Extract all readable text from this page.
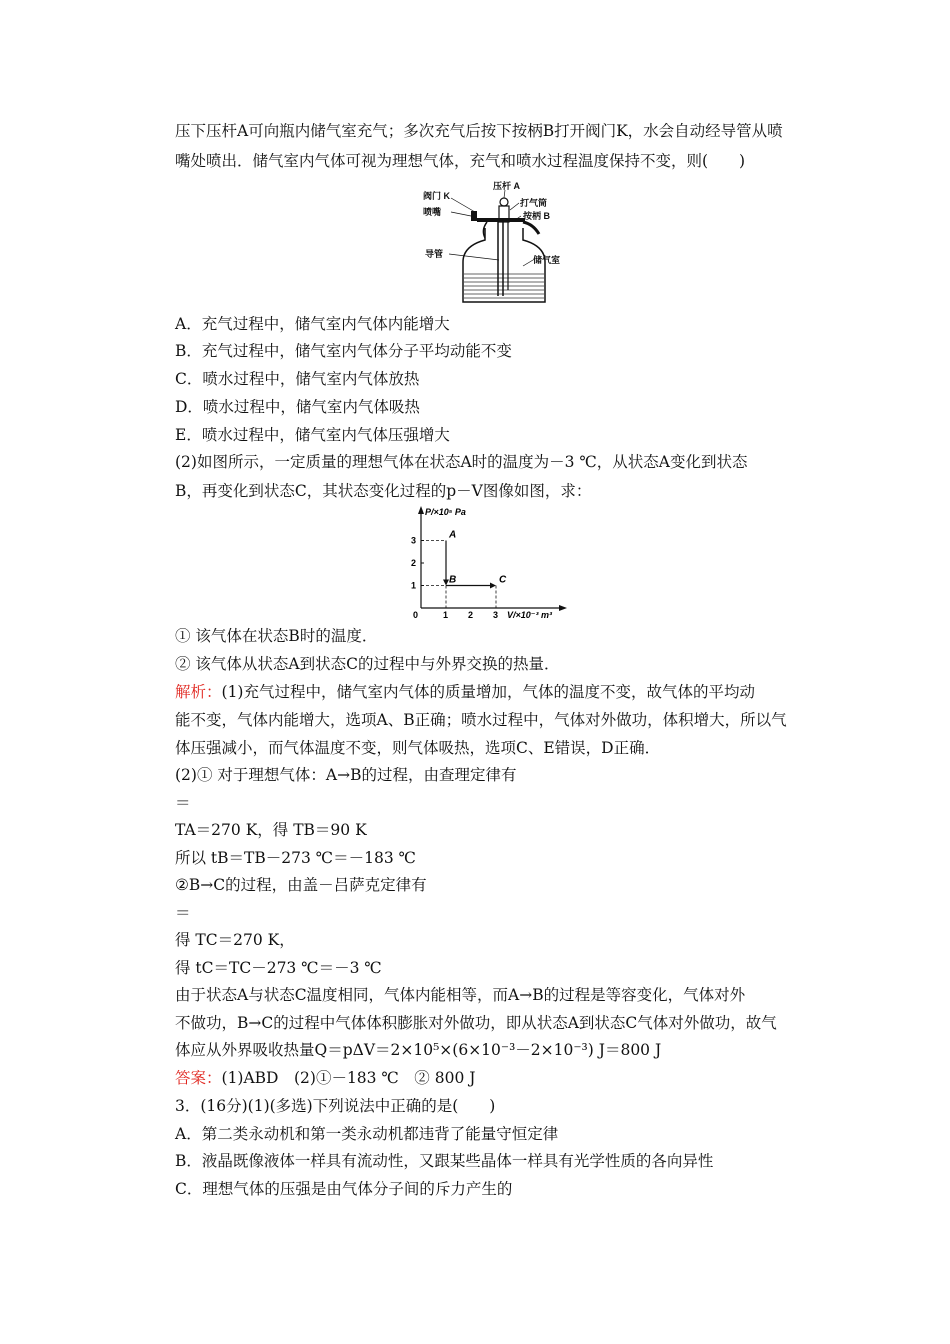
压下压杆A可向瓶内储气室充气；多次充气后按下按柄B打开阀门K，水会自动经导管从喷
嘴处喷出．储气室内气体可视为理想气体，充气和喷水过程温度保持不变，则(　　)
阀门 K
喷嘴
压杆 A
打气筒
按柄 B
导管
储气室
A．充气过程中，储气室内气体内能增大
B．充气过程中，储气室内气体分子平均动能不变
C．喷水过程中，储气室内气体放热
D．喷水过程中，储气室内气体吸热
E．喷水过程中，储气室内气体压强增大
(2)如图所示，一定质量的理想气体在状态A时的温度为－3 ℃，从状态A变化到状态
B，再变化到状态C，其状态变化过程的p－V图像如图，求：
P/×10⁵ Pa
V/×10⁻³ m³
0	1 2 3
1
2
3	A
B	C
① 该气体在状态B时的温度．
② 该气体从状态A到状态C的过程中与外界交换的热量．
解析：(1)充气过程中，储气室内气体的质量增加，气体的温度不变，故气体的平均动
能不变，气体内能增大，选项A、B正确；喷水过程中，气体对外做功，体积增大，所以气
体压强减小，而气体温度不变，则气体吸热，选项C、E错误，D正确．
(2)① 对于理想气体：A→B的过程，由查理定律有
＝
TA＝270 K，得 TB＝90 K
所以 tB＝TB－273 ℃＝－183 ℃
②B→C的过程，由盖－吕萨克定律有
＝
得 TC＝270 K，
得 tC＝TC－273 ℃＝－3 ℃
由于状态A与状态C温度相同，气体内能相等，而A→B的过程是等容变化，气体对外
不做功，B→C的过程中气体体积膨胀对外做功，即从状态A到状态C气体对外做功，故气
体应从外界吸收热量Q＝pΔV＝2×10⁵×(6×10⁻³－2×10⁻³) J＝800 J
答案：(1)ABD　(2)①－183 ℃　② 800 J
3．(16分)(1)(多选)下列说法中正确的是(　　)
A．第二类永动机和第一类永动机都违背了能量守恒定律
B．液晶既像液体一样具有流动性，又跟某些晶体一样具有光学性质的各向异性
C．理想气体的压强是由气体分子间的斥力产生的
